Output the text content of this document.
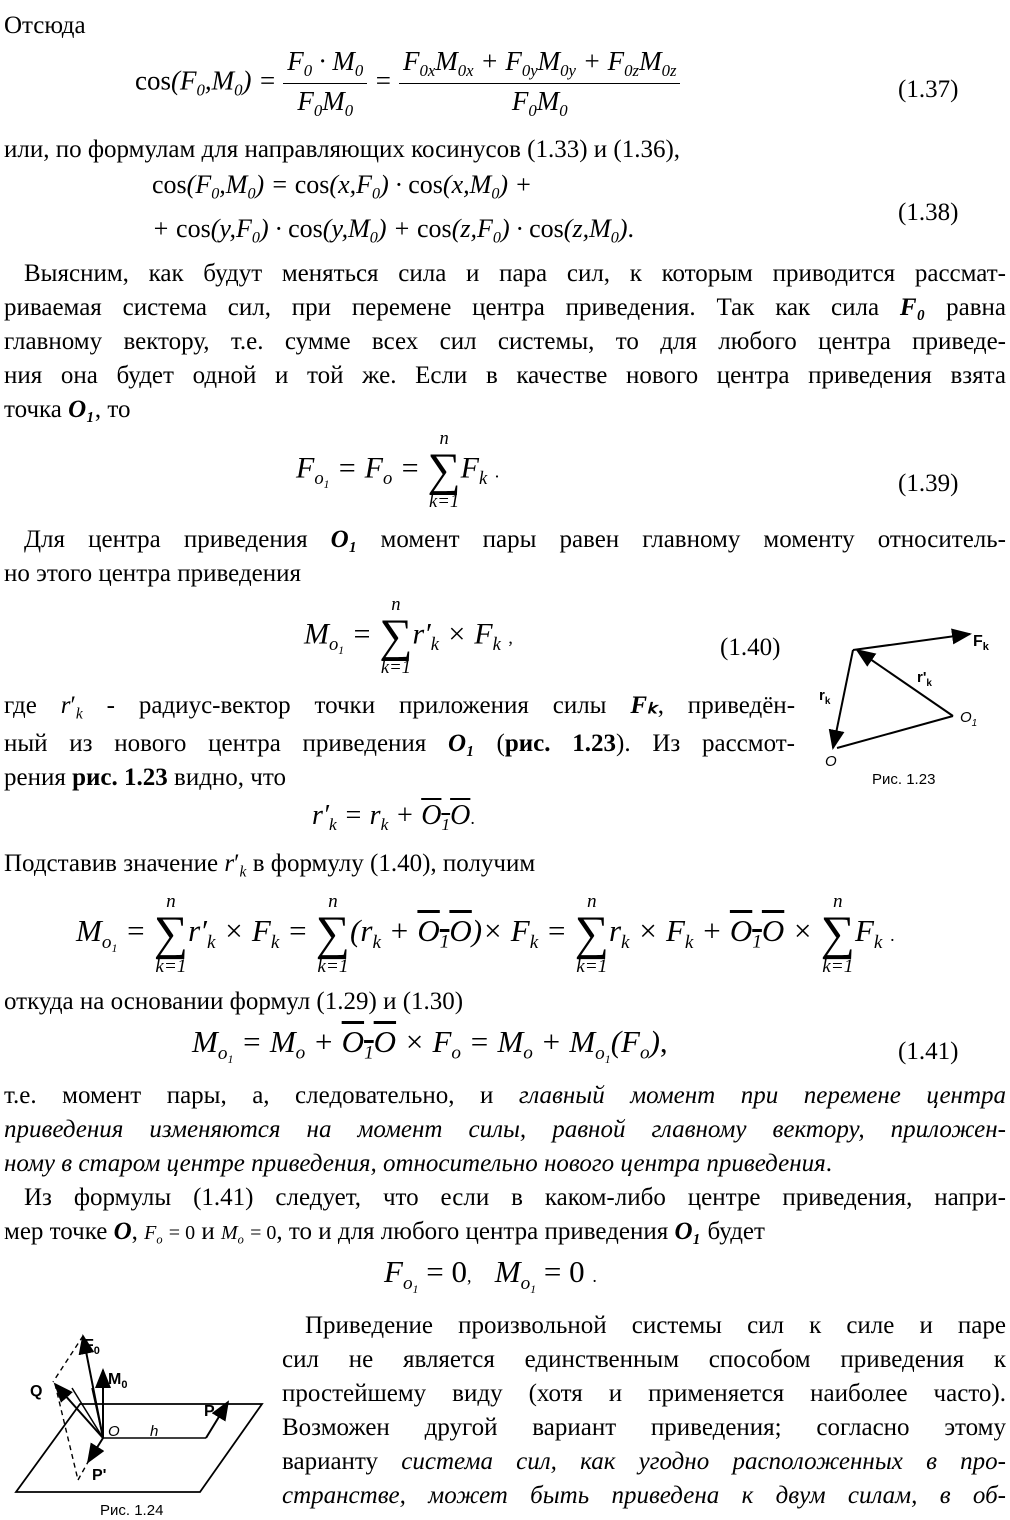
Отсюда
$\cos(F_0,M_0) = \frac{F_0 \cdot M_0}{F_0M_0} = \frac{F_{0x}M_{0x} + F_{0y}M_{0y} + F_{0z}M_{0z}}{F_0M_0}$	(1.37)
или, по формулам для направляющих косинусов (1.33) и (1.36),
$\cos(F_0,M_0) = \cos(x,F_0) \cdot \cos(x,M_0)$ +
+ $\cos(y,F_0) \cdot \cos(y,M_0) + \cos(z,F_0) \cdot \cos(z,M_0)$.
(1.38)
Выясним, как будут меняться сила и пара сил, к которым приводится рассмат-
риваемая система сил, при перемене центра приведения. Так как сила F₀ равна
главному вектору, т.е. сумме всех сил системы, то для любого центра приведе-
ния она будет одной и той же. Если в качестве нового центра приведения взята
точка O₁, то
$F_{o_1} = F_o$ =
n
∑
k=1
$F_k$ .	(1.39)
Для центра приведения O₁ момент пары равен главному моменту относитель-
но этого центра приведения
$M_{o_1}$ =
n
∑
k=1
$r'_k \times F_k$ ,	(1.40)	$F_k$
$r_k$
$r'_k$
$O_1$
O
Рис. 1.23
где $r'_k$ - радиус-вектор точки приложения силы Fₖ, приведён-
ный из нового центра приведения O₁ (рис. 1.23). Из рассмот-
рения рис. 1.23 видно, что
$r'_k = r_k + O_1O$.
Подставив значение $r'_k$ в формулу (1.40), получим
$M_{o_1}$ =
n
∑
k=1
$r'_k \times F_k$ =
n
∑
k=1
$(r_k + O_1O)\times F_k$ =
n
∑
k=1
$r_k \times F_k + O_1O$ ×
n
∑
k=1
$F_k$ .
откуда на основании формул (1.29) и (1.30)
$M_{o_1} = M_o + O_1O \times F_o = M_o + M_{o_1}(F_o)$,	(1.41)
т.е. момент пары, а, следовательно, и главный момент при перемене центра
приведения изменяются на момент силы, равной главному вектору, приложен-
ному в старом центре приведения, относительно нового центра приведения.
Из формулы (1.41) следует, что если в каком-либо центре приведения, напри-
мер точке O, $F_o = 0$ и $M_o = 0$, то и для любого центра приведения O₁ будет
$F_{o_1} = 0$, $M_{o_1} = 0$ .
$F_0$
$M_0$
Q
O h
P
P'
Рис. 1.24
Приведение произвольной системы сил к силе и паре
сил не является единственным способом приведения к
простейшему виду (хотя и применяется наиболее часто).
Возможен другой вариант приведения; согласно этому
варианту система сил, как угодно расположенных в про-
странстве, может быть приведена к двум силам, в об-
